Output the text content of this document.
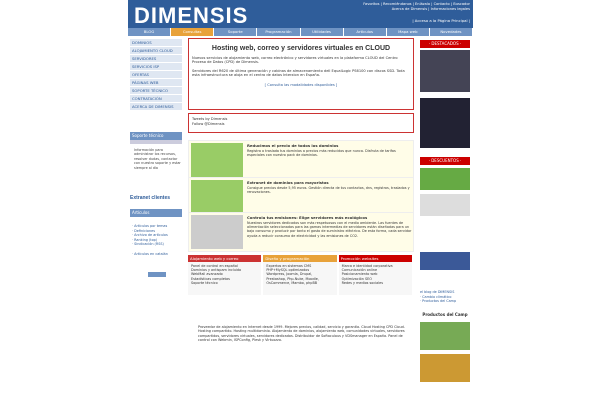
DIMENSIS	Favoritos | Recomiéndanos | Enlázalo | Contacto | Buscador
Acerca de Dimensis | Informaciones legales
| Acceso a la Página Principal |
BLOG	Consultas	Soporte	Programación	Utilidades	Artículos	Mapa web	Novedades
DOMINIOS
ALOJAMIENTO CLOUD
SERVIDORES
SERVICIOS ISP
OFERTAS
PÁGINAS WEB
SOPORTE TÉCNICO
CONTRATACIÓN
ACERCA DE DIMENSIS
Soporte técnico
Información para administrar los recursos, resolver dudas, contactar con nuestro soporte y estar siempre al día
Extranet clientes
Artículos
· Artículos por temas
· Definiciones
· Archivo de artículos
· Ranking (top)
· Sindicación (RSS)

· Artículos en catalán
Hosting web, correo y servidores virtuales en CLOUD
Nuevos servicios de alojamiento web, correo electrónico y servidores virtuales en la plataforma CLOUD del Centro Proceso de Datos (CPD) de Dimensis.
Servidores del R620 de última generación y cabinas de almacenamiento dell EqualLogic PS6100 con discos SSD. Toda esta infraestructura se aloja en el centro de datos Interxion en España.
[ Consulta las modalidades disponibles ]
Tweets by Dimensis
Follow @Dimensis
Reducimos el precio de todos los dominios
Registra o traslada tus dominios a precios más reducidos que nunca. Disfruta de tarifas especiales con nuestro pack de dominios.
Extranet de dominios para mayoristas
Consigue precios desde 5,95 euros. Gestión directa de tus contactos, dns, registros, traslados y renovaciones.
Controla tus emisiones: Elige servidores más ecológicos
Nuestros servidores dedicados son más respetuosos con el medio ambiente. Las fuentes de alimentación seleccionadas para las gamas intermedias de servidores están diseñadas para un bajo consumo y producir por tanto el gasto de suministro eléctrico. De esta forma, cada servidor ayuda a reducir consumo de electricidad y las emisiones de CO2.
Alojamiento web y correo
Panel de control en español
Dominios y antispam incluido
WebMail avanzado
Estadísticas completas
Soporte técnico
Diseño y programación
Expertos en sistemas CMS
PHP+MySQL optimizados
Wordpress, Joomla, Drupal,
Prestashop, Php-Nuke, Moodle,
OsCommerce, Mambo, phpBB
Promoción websites
Marca e identidad corporativa
Comunicación online
Posicionamiento web
Optimización SEO
Redes y medios sociales
Proveedor de alojamiento en Internet desde 1999. Mejores precios, calidad, servicio y garantía. Cloud Hosting CPD Cloud. Hosting compartido. Hosting multidominio. Alojamiento de dominios, alojamiento web, comunidades virtuales, servidores compartidos, servidores virtuales, servidores dedicados. Distribuidor de Softaculous y VDSmanager en España. Panel de control con Webmin, ISPConfig, Plesk y Virtuozzo.
· DESTACADOS ·
· DESCUENTOS ·
el blog de DIMENSIS
· Cambio climático
· Productos del Camp
Productos del Camp
